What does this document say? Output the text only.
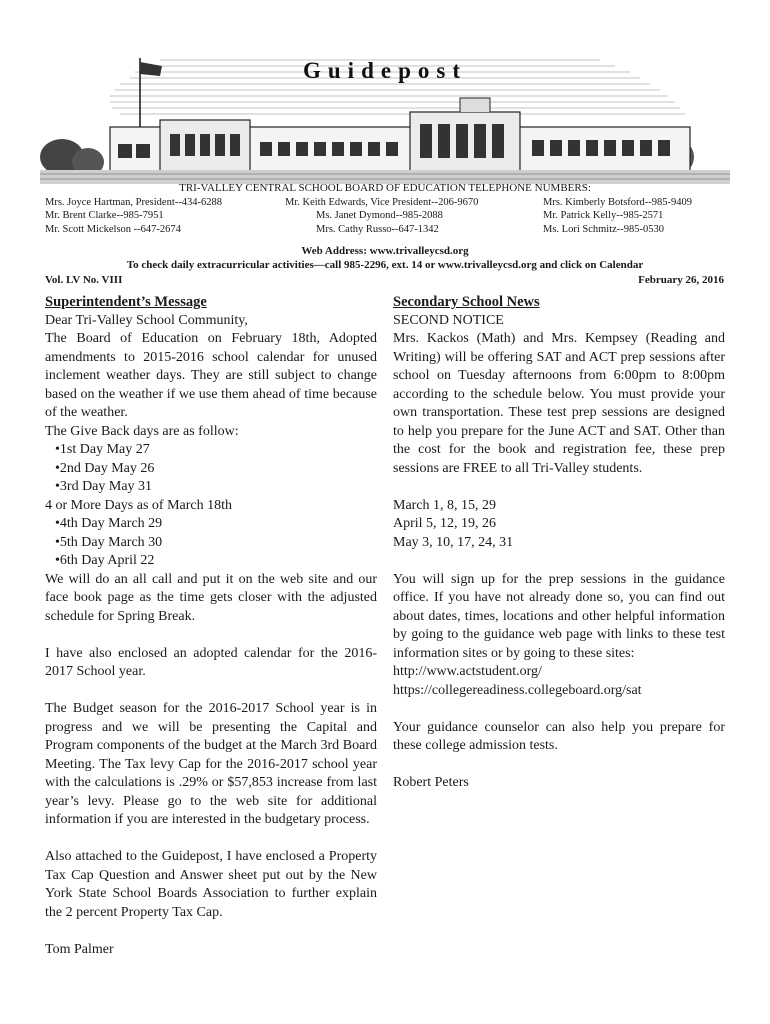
Guidepost
TRI-VALLEY CENTRAL SCHOOL BOARD OF EDUCATION TELEPHONE NUMBERS:
Mrs. Joyce Hartman, President--434-6288
Mr. Brent Clarke--985-7951
Mr. Scott Mickelson --647-2674
Mr. Keith Edwards, Vice President--206-9670
Ms. Janet Dymond--985-2088
Mrs. Cathy Russo--647-1342
Mrs. Kimberly Botsford--985-9409
Mr. Patrick Kelly--985-2571
Ms. Lori Schmitz--985-0530
Web Address: www.trivalleycsd.org
To check daily extracurricular activities—call 985-2296, ext. 14 or www.trivalleycsd.org and click on Calendar
Vol. LV No. VIII	February 26, 2016

Superintendent’s Message

Dear Tri-Valley School Community,

The Board of Education on February 18th, Adopted amendments to 2015-2016 school calendar for unused inclement weather days. They are still subject to change based on the weather if we use them ahead of time because of the weather.

The Give Back days are as follow:

•1st Day May 27

•2nd Day May 26

•3rd Day May 31

4 or More Days as of March 18th

•4th Day March 29

•5th Day March 30

•6th Day April 22

We will do an all call and put it on the web site and our face book page as the time gets closer with the adjusted schedule for Spring Break.

I have also enclosed an adopted calendar for the 2016-2017 School year.

The Budget season for the 2016-2017 School year is in progress and we will be presenting the Capital and Program components of the budget at the March 3rd Board Meeting. The Tax levy Cap for the 2016-2017 school year with the calculations is .29% or $57,853 increase from last year’s levy. Please go to the web site for additional information if you are interested in the budgetary process.

Also attached to the Guidepost, I have enclosed a Property Tax Cap Question and Answer sheet put out by the New York State School Boards Association to further explain the 2 percent Property Tax Cap.

Tom Palmer

Secondary School News

SECOND NOTICE

Mrs. Kackos (Math) and Mrs. Kempsey (Reading and Writing) will be offering SAT and ACT prep sessions after school on Tuesday afternoons from 6:00pm to 8:00pm according to the schedule below. You must provide your own transportation. These test prep sessions are designed to help you prepare for the June ACT and SAT. Other than the cost for the book and registration fee, these prep sessions are FREE to all Tri-Valley students.

March 1, 8, 15, 29

April 5, 12, 19, 26

May 3, 10, 17, 24, 31

You will sign up for the prep sessions in the guidance office. If you have not already done so, you can find out about dates, times, locations and other helpful information by going to the guidance web page with links to these test information sites or by going to these sites:

http://www.actstudent.org/

https://collegereadiness.collegeboard.org/sat

Your guidance counselor can also help you prepare for these college admission tests.

Robert Peters
